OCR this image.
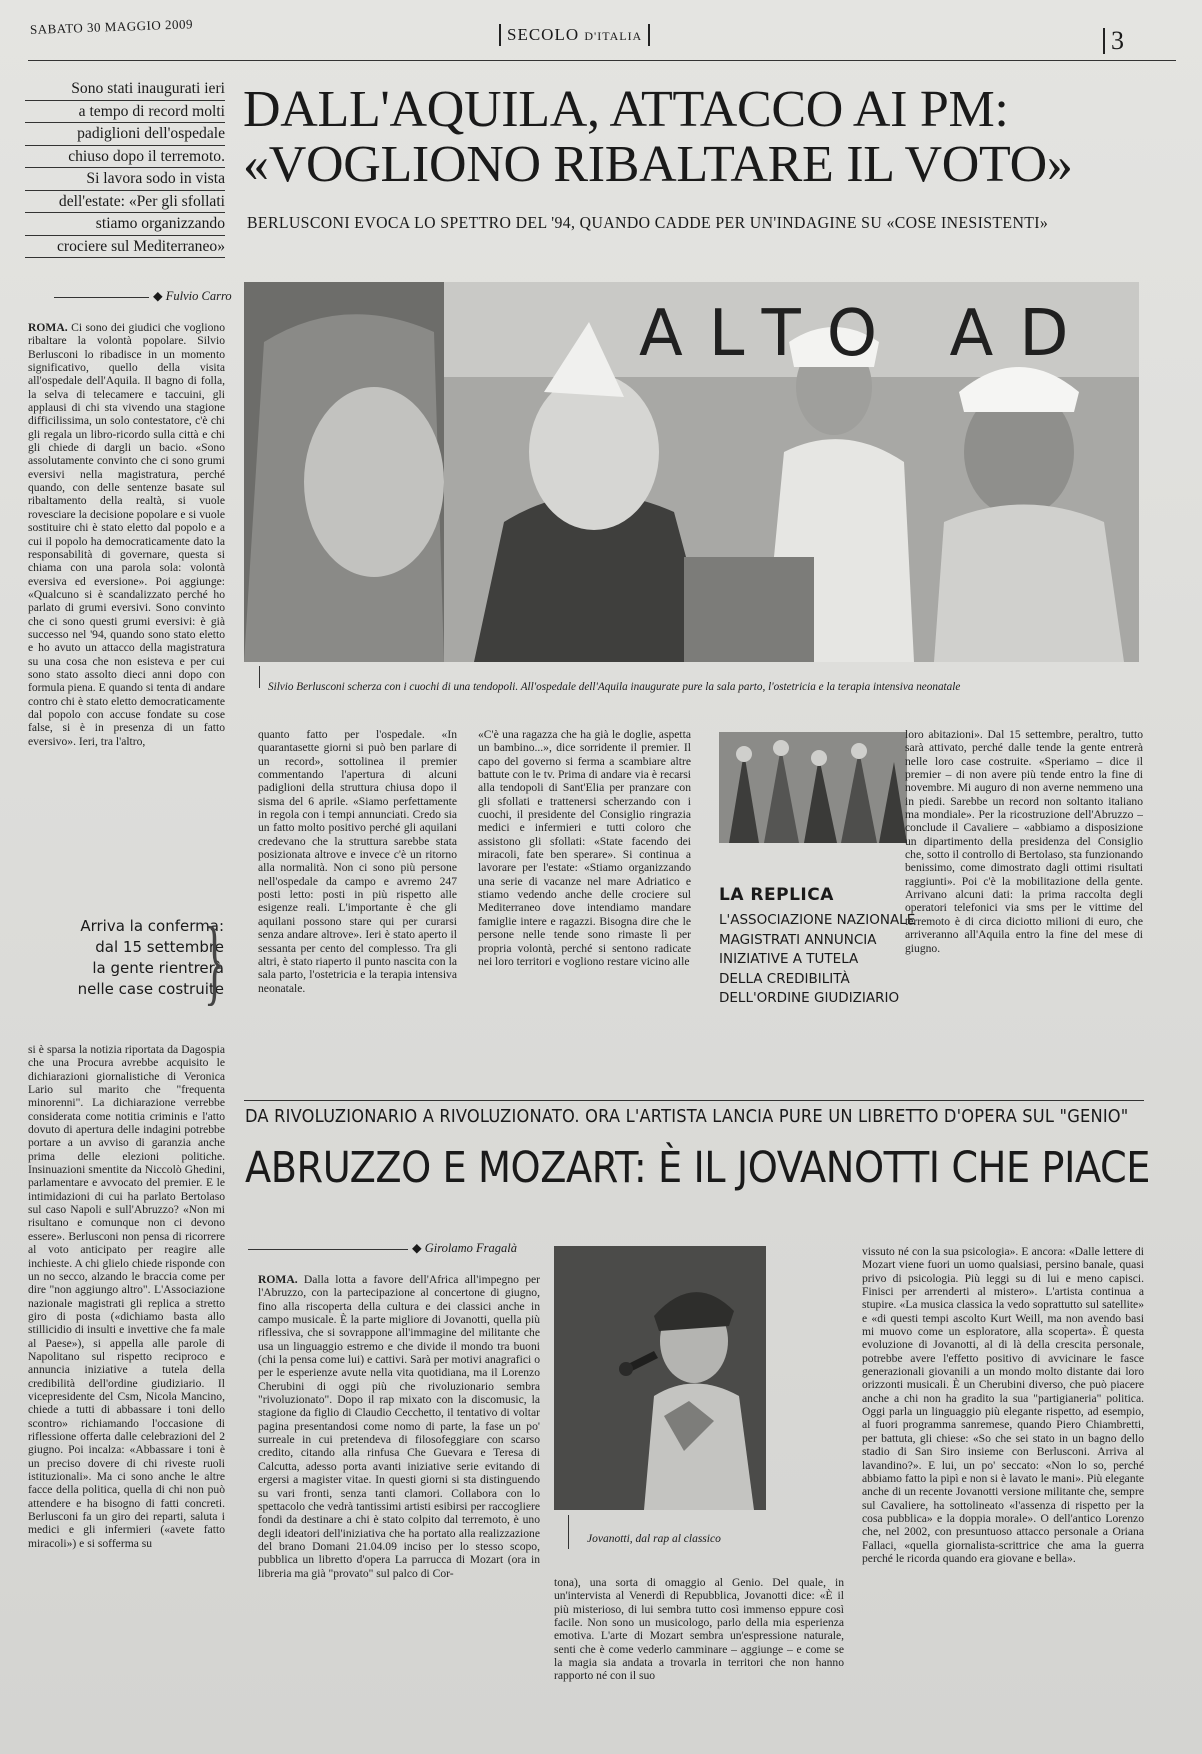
SABATO 30 MAGGIO 2009	SECOLO D'ITALIA	3
Sono stati inaugurati ieri
a tempo di record molti
padiglioni dell'ospedale
chiuso dopo il terremoto.
Si lavora sodo in vista
dell'estate: «Per gli sfollati
stiamo organizzando
crociere sul Mediterraneo»
DALL'AQUILA, ATTACCO AI PM:
«VOGLIONO RIBALTARE IL VOTO»
BERLUSCONI EVOCA LO SPETTRO DEL '94, QUANDO CADDE PER UN'INDAGINE SU «COSE INESISTENTI»
◆ Fulvio Carro
ALTO AD
Silvio Berlusconi scherza con i cuochi di una tendopoli. All'ospedale dell'Aquila inaugurate pure la sala parto, l'ostetricia e la terapia intensiva neonatale

ROMA. Ci sono dei giudici che vogliono ribaltare la volontà popolare. Silvio Berlusconi lo ribadisce in un momento significativo, quello della visita all'ospedale dell'Aquila. Il bagno di folla, la selva di telecamere e taccuini, gli applausi di chi sta vivendo una stagione difficilissima, un solo contestatore, c'è chi gli regala un libro-ricordo sulla città e chi gli chiede di dargli un bacio. «Sono assolutamente convinto che ci sono grumi eversivi nella magistratura, perché quando, con delle sentenze basate sul ribaltamento della realtà, si vuole rovesciare la decisione popolare e si vuole sostituire chi è stato eletto dal popolo e a cui il popolo ha democraticamente dato la responsabilità di governare, questa si chiama con una parola sola: volontà eversiva ed eversione». Poi aggiunge: «Qualcuno si è scandalizzato perché ho parlato di grumi eversivi. Sono convinto che ci sono questi grumi eversivi: è già successo nel '94, quando sono stato eletto e ho avuto un attacco della magistratura su una cosa che non esisteva e per cui sono stato assolto dieci anni dopo con formula piena. E quando si tenta di andare contro chi è stato eletto democraticamente dal popolo con accuse fondate su cose false, si è in presenza di un fatto eversivo». Ieri, tra l'altro,

Arriva la conferma:
dal 15 settembre
la gente rientrerà
nelle case costruite
}

si è sparsa la notizia riportata da Dagospia che una Procura avrebbe acquisito le dichiarazioni giornalistiche di Veronica Lario sul marito che "frequenta minorenni". La dichiarazione verrebbe considerata come notitia criminis e l'atto dovuto di apertura delle indagini potrebbe portare a un avviso di garanzia anche prima delle elezioni politiche. Insinuazioni smentite da Niccolò Ghedini, parlamentare e avvocato del premier. E le intimidazioni di cui ha parlato Bertolaso sul caso Napoli e sull'Abruzzo? «Non mi risultano e comunque non ci devono essere». Berlusconi non pensa di ricorrere al voto anticipato per reagire alle inchieste. A chi glielo chiede risponde con un no secco, alzando le braccia come per dire "non aggiungo altro". L'Associazione nazionale magistrati gli replica a stretto giro di posta («dichiamo basta allo stillicidio di insulti e invettive che fa male al Paese»), si appella alle parole di Napolitano sul rispetto reciproco e annuncia iniziative a tutela della credibilità dell'ordine giudiziario. Il vicepresidente del Csm, Nicola Mancino, chiede a tutti di abbassare i toni dello scontro» richiamando l'occasione di riflessione offerta dalle celebrazioni del 2 giugno. Poi incalza: «Abbassare i toni è un preciso dovere di chi riveste ruoli istituzionali». Ma ci sono anche le altre facce della politica, quella di chi non può attendere e ha bisogno di fatti concreti. Berlusconi fa un giro dei reparti, saluta i medici e gli infermieri («avete fatto miracoli») e si sofferma su

quanto fatto per l'ospedale. «In quarantasette giorni si può ben parlare di un record», sottolinea il premier commentando l'apertura di alcuni padiglioni della struttura chiusa dopo il sisma del 6 aprile. «Siamo perfettamente in regola con i tempi annunciati. Credo sia un fatto molto positivo perché gli aquilani credevano che la struttura sarebbe stata posizionata altrove e invece c'è un ritorno alla normalità. Non ci sono più persone nell'ospedale da campo e avremo 247 posti letto: posti in più rispetto alle esigenze reali. L'importante è che gli aquilani possono stare qui per curarsi senza andare altrove». Ieri è stato aperto il sessanta per cento del complesso. Tra gli altri, è stato riaperto il punto nascita con la sala parto, l'ostetricia e la terapia intensiva neonatale.

«C'è una ragazza che ha già le doglie, aspetta un bambino...», dice sorridente il premier. Il capo del governo si ferma a scambiare altre battute con le tv. Prima di andare via è recarsi alla tendopoli di Sant'Elia per pranzare con gli sfollati e trattenersi scherzando con i cuochi, il presidente del Consiglio ringrazia medici e infermieri e tutti coloro che assistono gli sfollati: «State facendo dei miracoli, fate ben sperare». Si continua a lavorare per l'estate: «Stiamo organizzando una serie di vacanze nel mare Adriatico e stiamo vedendo anche delle crociere sul Mediterraneo dove intendiamo mandare famiglie intere e ragazzi. Bisogna dire che le persone nelle tende sono rimaste lì per propria volontà, perché si sentono radicate nei loro territori e vogliono restare vicino alle

LA REPLICA
L'ASSOCIAZIONE NAZIONALE
MAGISTRATI ANNUNCIA
INIZIATIVE A TUTELA
DELLA CREDIBILITÀ
DELL'ORDINE GIUDIZIARIO

loro abitazioni». Dal 15 settembre, peraltro, tutto sarà attivato, perché dalle tende la gente entrerà nelle loro case costruite. «Speriamo – dice il premier – di non avere più tende entro la fine di novembre. Mi auguro di non averne nemmeno una in piedi. Sarebbe un record non soltanto italiano ma mondiale». Per la ricostruzione dell'Abruzzo – conclude il Cavaliere – «abbiamo a disposizione un dipartimento della presidenza del Consiglio che, sotto il controllo di Bertolaso, sta funzionando benissimo, come dimostrato dagli ottimi risultati raggiunti». Poi c'è la mobilitazione della gente. Arrivano alcuni dati: la prima raccolta degli operatori telefonici via sms per le vittime del terremoto è di circa diciotto milioni di euro, che arriveranno all'Aquila entro la fine del mese di giugno.

DA RIVOLUZIONARIO A RIVOLUZIONATO. ORA L'ARTISTA LANCIA PURE UN LIBRETTO D'OPERA SUL "GENIO"
ABRUZZO E MOZART: È IL JOVANOTTI CHE PIACE
◆ Girolamo Fragalà
Jovanotti, dal rap al classico

ROMA. Dalla lotta a favore dell'Africa all'impegno per l'Abruzzo, con la partecipazione al concertone di giugno, fino alla riscoperta della cultura e dei classici anche in campo musicale. È la parte migliore di Jovanotti, quella più riflessiva, che si sovrappone all'immagine del militante che usa un linguaggio estremo e che divide il mondo tra buoni (chi la pensa come lui) e cattivi. Sarà per motivi anagrafici o per le esperienze avute nella vita quotidiana, ma il Lorenzo Cherubini di oggi più che rivoluzionario sembra "rivoluzionato". Dopo il rap mixato con la discomusic, la stagione da figlio di Claudio Cecchetto, il tentativo di voltar pagina presentandosi come nomo di parte, la fase un po' surreale in cui pretendeva di filosofeggiare con scarso credito, citando alla rinfusa Che Guevara e Teresa di Calcutta, adesso porta avanti iniziative serie evitando di ergersi a magister vitae. In questi giorni si sta distinguendo su vari fronti, senza tanti clamori. Collabora con lo spettacolo che vedrà tantissimi artisti esibirsi per raccogliere fondi da destinare a chi è stato colpito dal terremoto, è uno degli ideatori dell'iniziativa che ha portato alla realizzazione del brano Domani 21.04.09 inciso per lo stesso scopo, pubblica un libretto d'opera La parrucca di Mozart (ora in libreria ma già "provato" sul palco di Cor-

tona), una sorta di omaggio al Genio. Del quale, in un'intervista al Venerdì di Repubblica, Jovanotti dice: «È il più misterioso, di lui sembra tutto così immenso eppure così facile. Non sono un musicologo, parlo della mia esperienza emotiva. L'arte di Mozart sembra un'espressione naturale, senti che è come vederlo camminare – aggiunge – e come se la magia sia andata a trovarla in territori che non hanno rapporto né con il suo

vissuto né con la sua psicologia». E ancora: «Dalle lettere di Mozart viene fuori un uomo qualsiasi, persino banale, quasi privo di psicologia. Più leggi su di lui e meno capisci. Finisci per arrenderti al mistero». L'artista continua a stupire. «La musica classica la vedo soprattutto sul satellite» e «di questi tempi ascolto Kurt Weill, ma non avendo basi mi muovo come un esploratore, alla scoperta». È questa evoluzione di Jovanotti, al di là della crescita personale, potrebbe avere l'effetto positivo di avvicinare le fasce generazionali giovanili a un mondo molto distante dai loro orizzonti musicali. È un Cherubini diverso, che può piacere anche a chi non ha gradito la sua "partigianeria" politica. Oggi parla un linguaggio più elegante rispetto, ad esempio, al fuori programma sanremese, quando Piero Chiambretti, per battuta, gli chiese: «So che sei stato in un bagno dello stadio di San Siro insieme con Berlusconi. Arriva al lavandino?». E lui, un po' seccato: «Non lo so, perché abbiamo fatto la pipì e non si è lavato le mani». Più elegante anche di un recente Jovanotti versione militante che, sempre sul Cavaliere, ha sottolineato «l'assenza di rispetto per la cosa pubblica» e la doppia morale». O dell'antico Lorenzo che, nel 2002, con presuntuoso attacco personale a Oriana Fallaci, «quella giornalista-scrittrice che ama la guerra perché le ricorda quando era giovane e bella».
